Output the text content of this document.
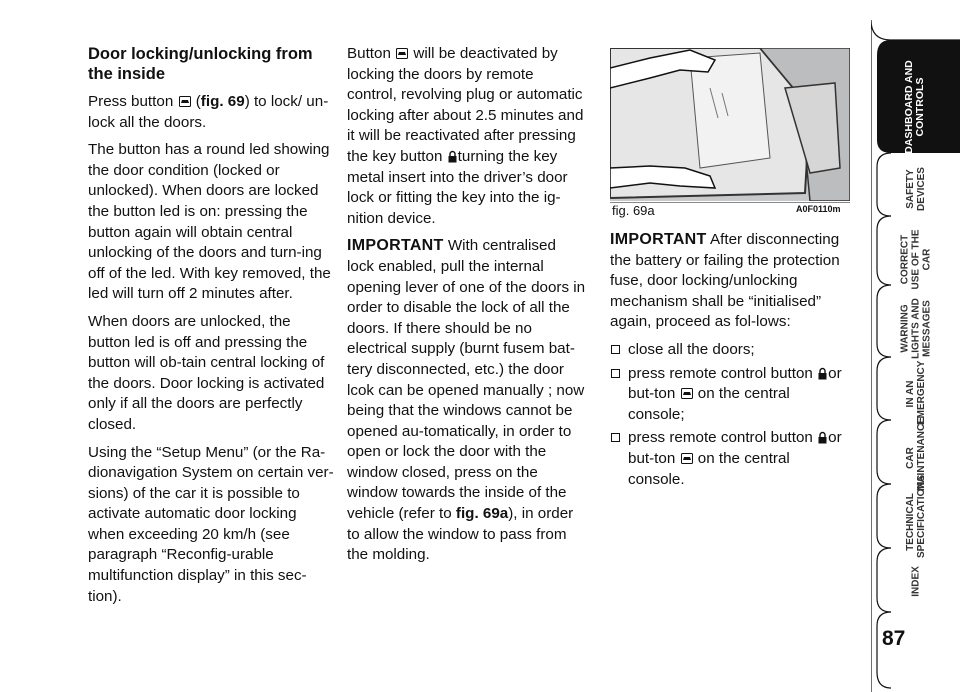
Door locking/unlocking from the inside

Press button  (fig. 69) to lock/ un-lock all the doors.

The button has a round led showing the door condition (locked or unlocked). When doors are locked the button led is on: pressing the button again will obtain central unlocking of the doors and turn-ing off of the led. With key removed, the led will turn off 2 minutes after.

When doors are unlocked, the button led is off and pressing the button will ob-tain central locking of the doors. Door locking is activated only if all the doors are perfectly closed.

Using the “Setup Menu” (or the Ra-dionavigation System on certain ver-sions) of the car it is possible to activate automatic door locking when exceeding 20 km/h (see paragraph “Reconfig-urable multifunction display” in this sec-tion).

Button will be deactivated by locking the doors by remote control, revolving plug or automatic locking after about 2.5 minutes and it will be reactivated after pressing the key button turning the key metal insert into the driver’s door lock or fitting the key into the ig-nition device.

IMPORTANT With centralised lock enabled, pull the internal opening lever of one of the doors in order to disable the lock of all the doors. If there should be no electrical supply (burnt fusem bat-tery disconnected, etc.) the door lcok can be opened manually ; now being that the windows cannot be opened au-tomatically, in order to open or lock the door with the window closed, press on the window towards the inside of the vehicle (refer to fig. 69a), in order to allow the window to pass from the molding.

fig. 69a	A0F0110m

IMPORTANT After disconnecting the battery or failing the protection fuse, door locking/unlocking mechanism shall be “initialised” again, proceed as fol-lows:

close all the doors;
press remote control button or but-ton on the central console;
press remote control button or but-ton on the central console.
DASHBOARD AND CONTROLS
SAFETY DEVICES
CORRECT USE OF THE CAR
WARNING LIGHTS AND MESSAGES
IN AN EMERGENCY
CAR MAINTENANCE
TECHNICAL SPECIFICATIONS
INDEX
87
